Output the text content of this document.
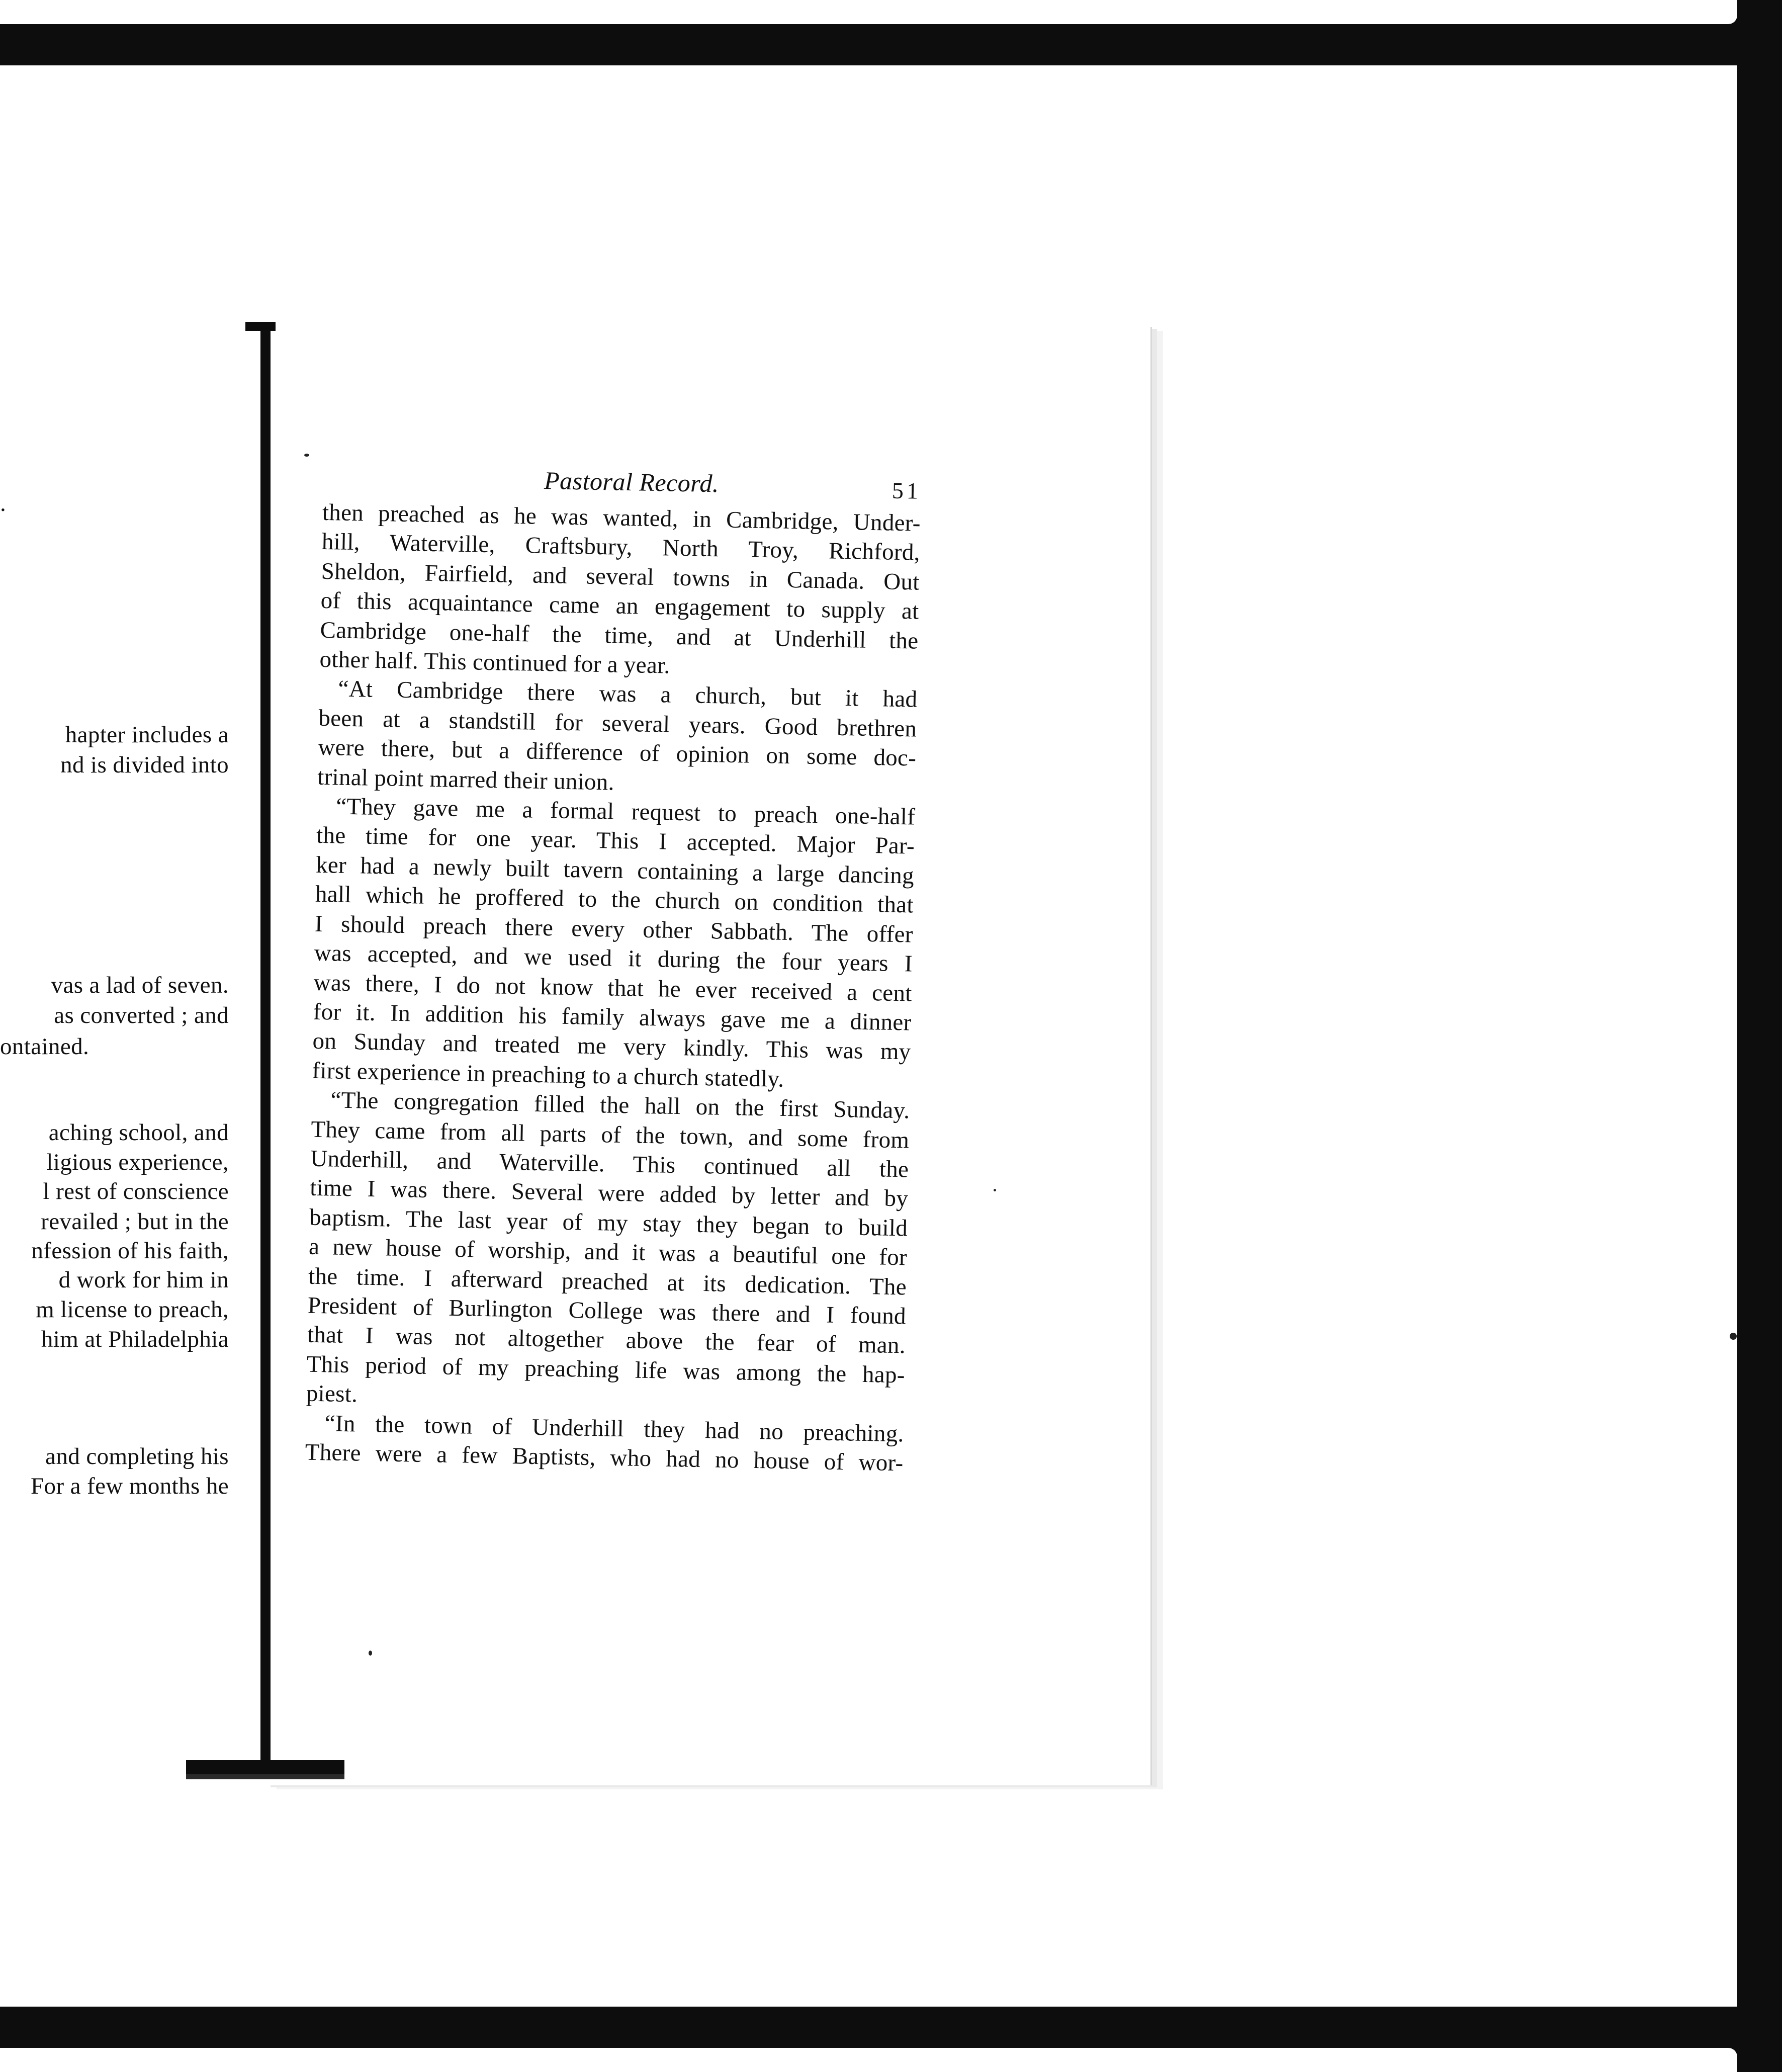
.
hapter includes a
nd is divided into
vas a lad of seven.
as converted ; and
ontained.
aching school, and
ligious experience,
l rest of conscience
revailed ; but in the
nfession of his faith,
d work for him in
m license to preach,
him at Philadelphia
and completing his
For a few months he
Pastoral Record.	51
then preached as he was wanted, in Cambridge, Under-
hill, Waterville, Craftsbury, North Troy, Richford,
Sheldon, Fairfield, and several towns in Canada. Out
of this acquaintance came an engagement to supply at
Cambridge one-half the time, and at Underhill the
other half. This continued for a year.
“At Cambridge there was a church, but it had
been at a standstill for several years. Good brethren
were there, but a difference of opinion on some doc-
trinal point marred their union.
“They gave me a formal request to preach one-half
the time for one year. This I accepted. Major Par-
ker had a newly built tavern containing a large dancing
hall which he proffered to the church on condition that
I should preach there every other Sabbath. The offer
was accepted, and we used it during the four years I
was there, I do not know that he ever received a cent
for it. In addition his family always gave me a dinner
on Sunday and treated me very kindly. This was my
first experience in preaching to a church statedly.
“The congregation filled the hall on the first Sunday.
They came from all parts of the town, and some from
Underhill, and Waterville. This continued all the
time I was there. Several were added by letter and by
baptism. The last year of my stay they began to build
a new house of worship, and it was a beautiful one for
the time. I afterward preached at its dedication. The
President of Burlington College was there and I found
that I was not altogether above the fear of man.
This period of my preaching life was among the hap-
piest.
“In the town of Underhill they had no preaching.
There were a few Baptists, who had no house of wor-
